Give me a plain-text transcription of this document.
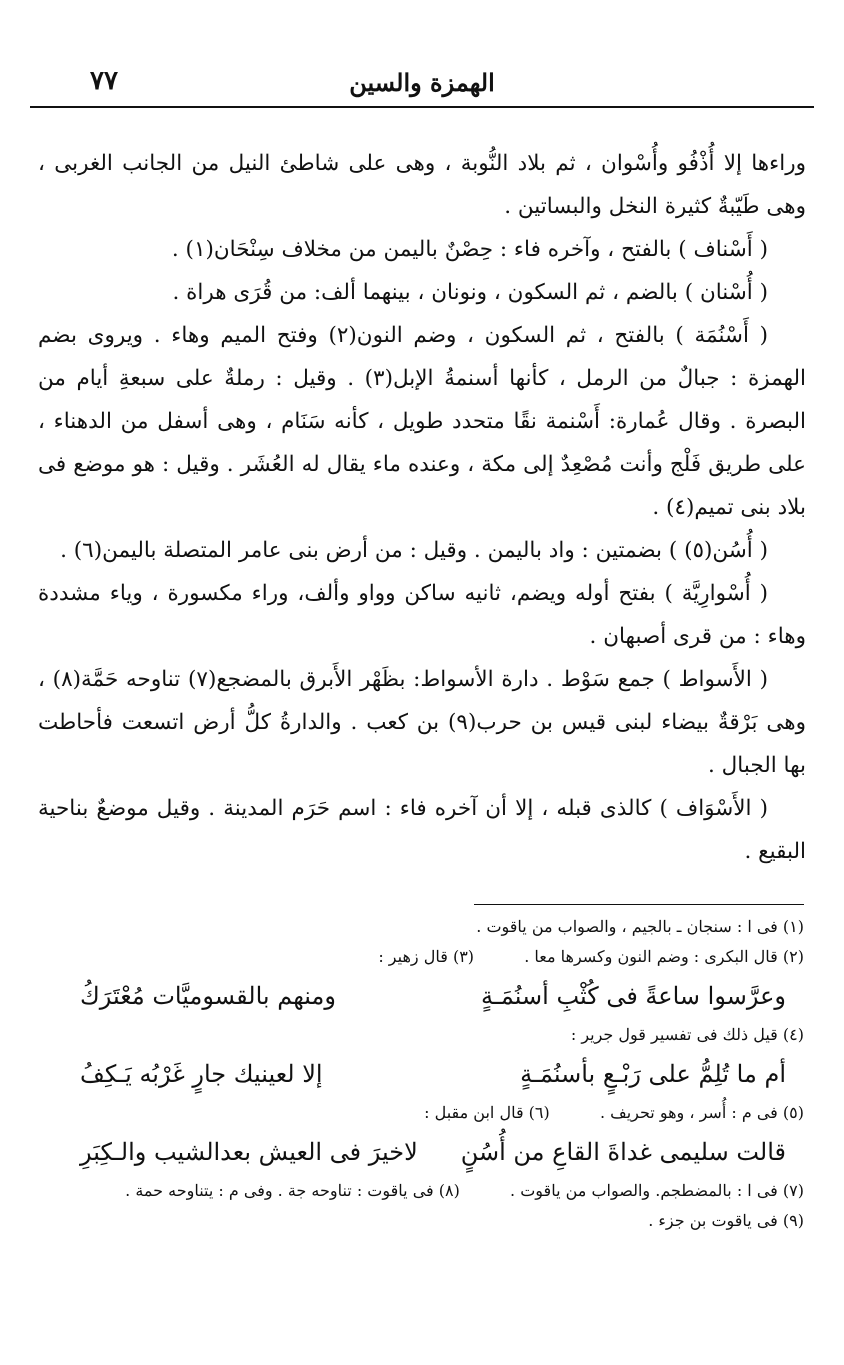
الهمزة والسين
٧٧

وراءها إلا أُذْفُو وأُسْوان ، ثم بلاد النُّوبة ، وهى على شاطئ النيل من الجانب الغربى ، وهى طَيّبةٌ كثيرة النخل والبساتين .

( أَسْناف ) بالفتح ، وآخره فاء : حِصْنٌ باليمن من مخلاف سِنْحَان(١) .

( أُسْنان ) بالضم ، ثم السكون ، ونونان ، بينهما ألف: من قُرَى هراة .

( أَسْنُمَة ) بالفتح ، ثم السكون ، وضم النون(٢) وفتح الميم وهاء . ويروى بضم الهمزة : جبالٌ من الرمل ، كأنها أسنمةُ الإبل(٣) . وقيل : رملةٌ على سبعةِ أيام من البصرة . وقال عُمارة: أَسْنمة نقًا متحدد طويل ، كأنه سَنَام ، وهى أسفل من الدهناء ، على طريق فَلْج وأنت مُصْعِدٌ إلى مكة ، وعنده ماء يقال له العُشَر . وقيل : هو موضع فى بلاد بنى تميم(٤) .

( أُسُن(٥) ) بضمتين : واد باليمن . وقيل : من أرض بنى عامر المتصلة باليمن(٦) .

( أُسْوارِيَّة ) بفتح أوله ويضم، ثانيه ساكن وواو وألف، وراء مكسورة ، وياء مشددة وهاء : من قرى أصبهان .

( الأَسواط ) جمع سَوْط . دارة الأسواط: بظَهْر الأَبرق بالمضجع(٧) تناوحه حَمَّة(٨) ، وهى بَرْقةٌ بيضاء لبنى قيس بن حرب(٩) بن كعب . والدارةُ كلُّ أرض اتسعت فأحاطت بها الجبال .

( الأَسْوَاف ) كالذى قبله ، إلا أن آخره فاء : اسم حَرَم المدينة . وقيل موضعٌ بناحية البقيع .

(١) فى ا : سنجان ـ بالجيم ، والصواب من ياقوت .
(٢) قال البكرى : وضم النون وكسرها معا .  (٣) قال زهير :
وعرَّسوا ساعةً فى كُثْبِ أسنُمَـةٍ
ومنهم بالقسوميَّات مُعْتَرَكُ
(٤) قيل ذلك فى تفسير قول جرير :
أم ما تُلِمُّ على رَبْـعٍ بأسنُمَـةٍ
إلا لعينيك جارٍ غَرْبُه يَـكِفُ
(٥) فى م : أُسر ، وهو تحريف .  (٦) قال ابن مقبل :
قالت سليمى غداةَ القاعِ من أُسُنٍ
لاخيرَ فى العيش بعدالشيب والـكِبَرِ
(٧) فى ا : بالمضطجم. والصواب من ياقوت .  (٨) فى ياقوت : تناوحه جة . وفى م : يتناوحه حمة .
(٩) فى ياقوت بن جزء .
